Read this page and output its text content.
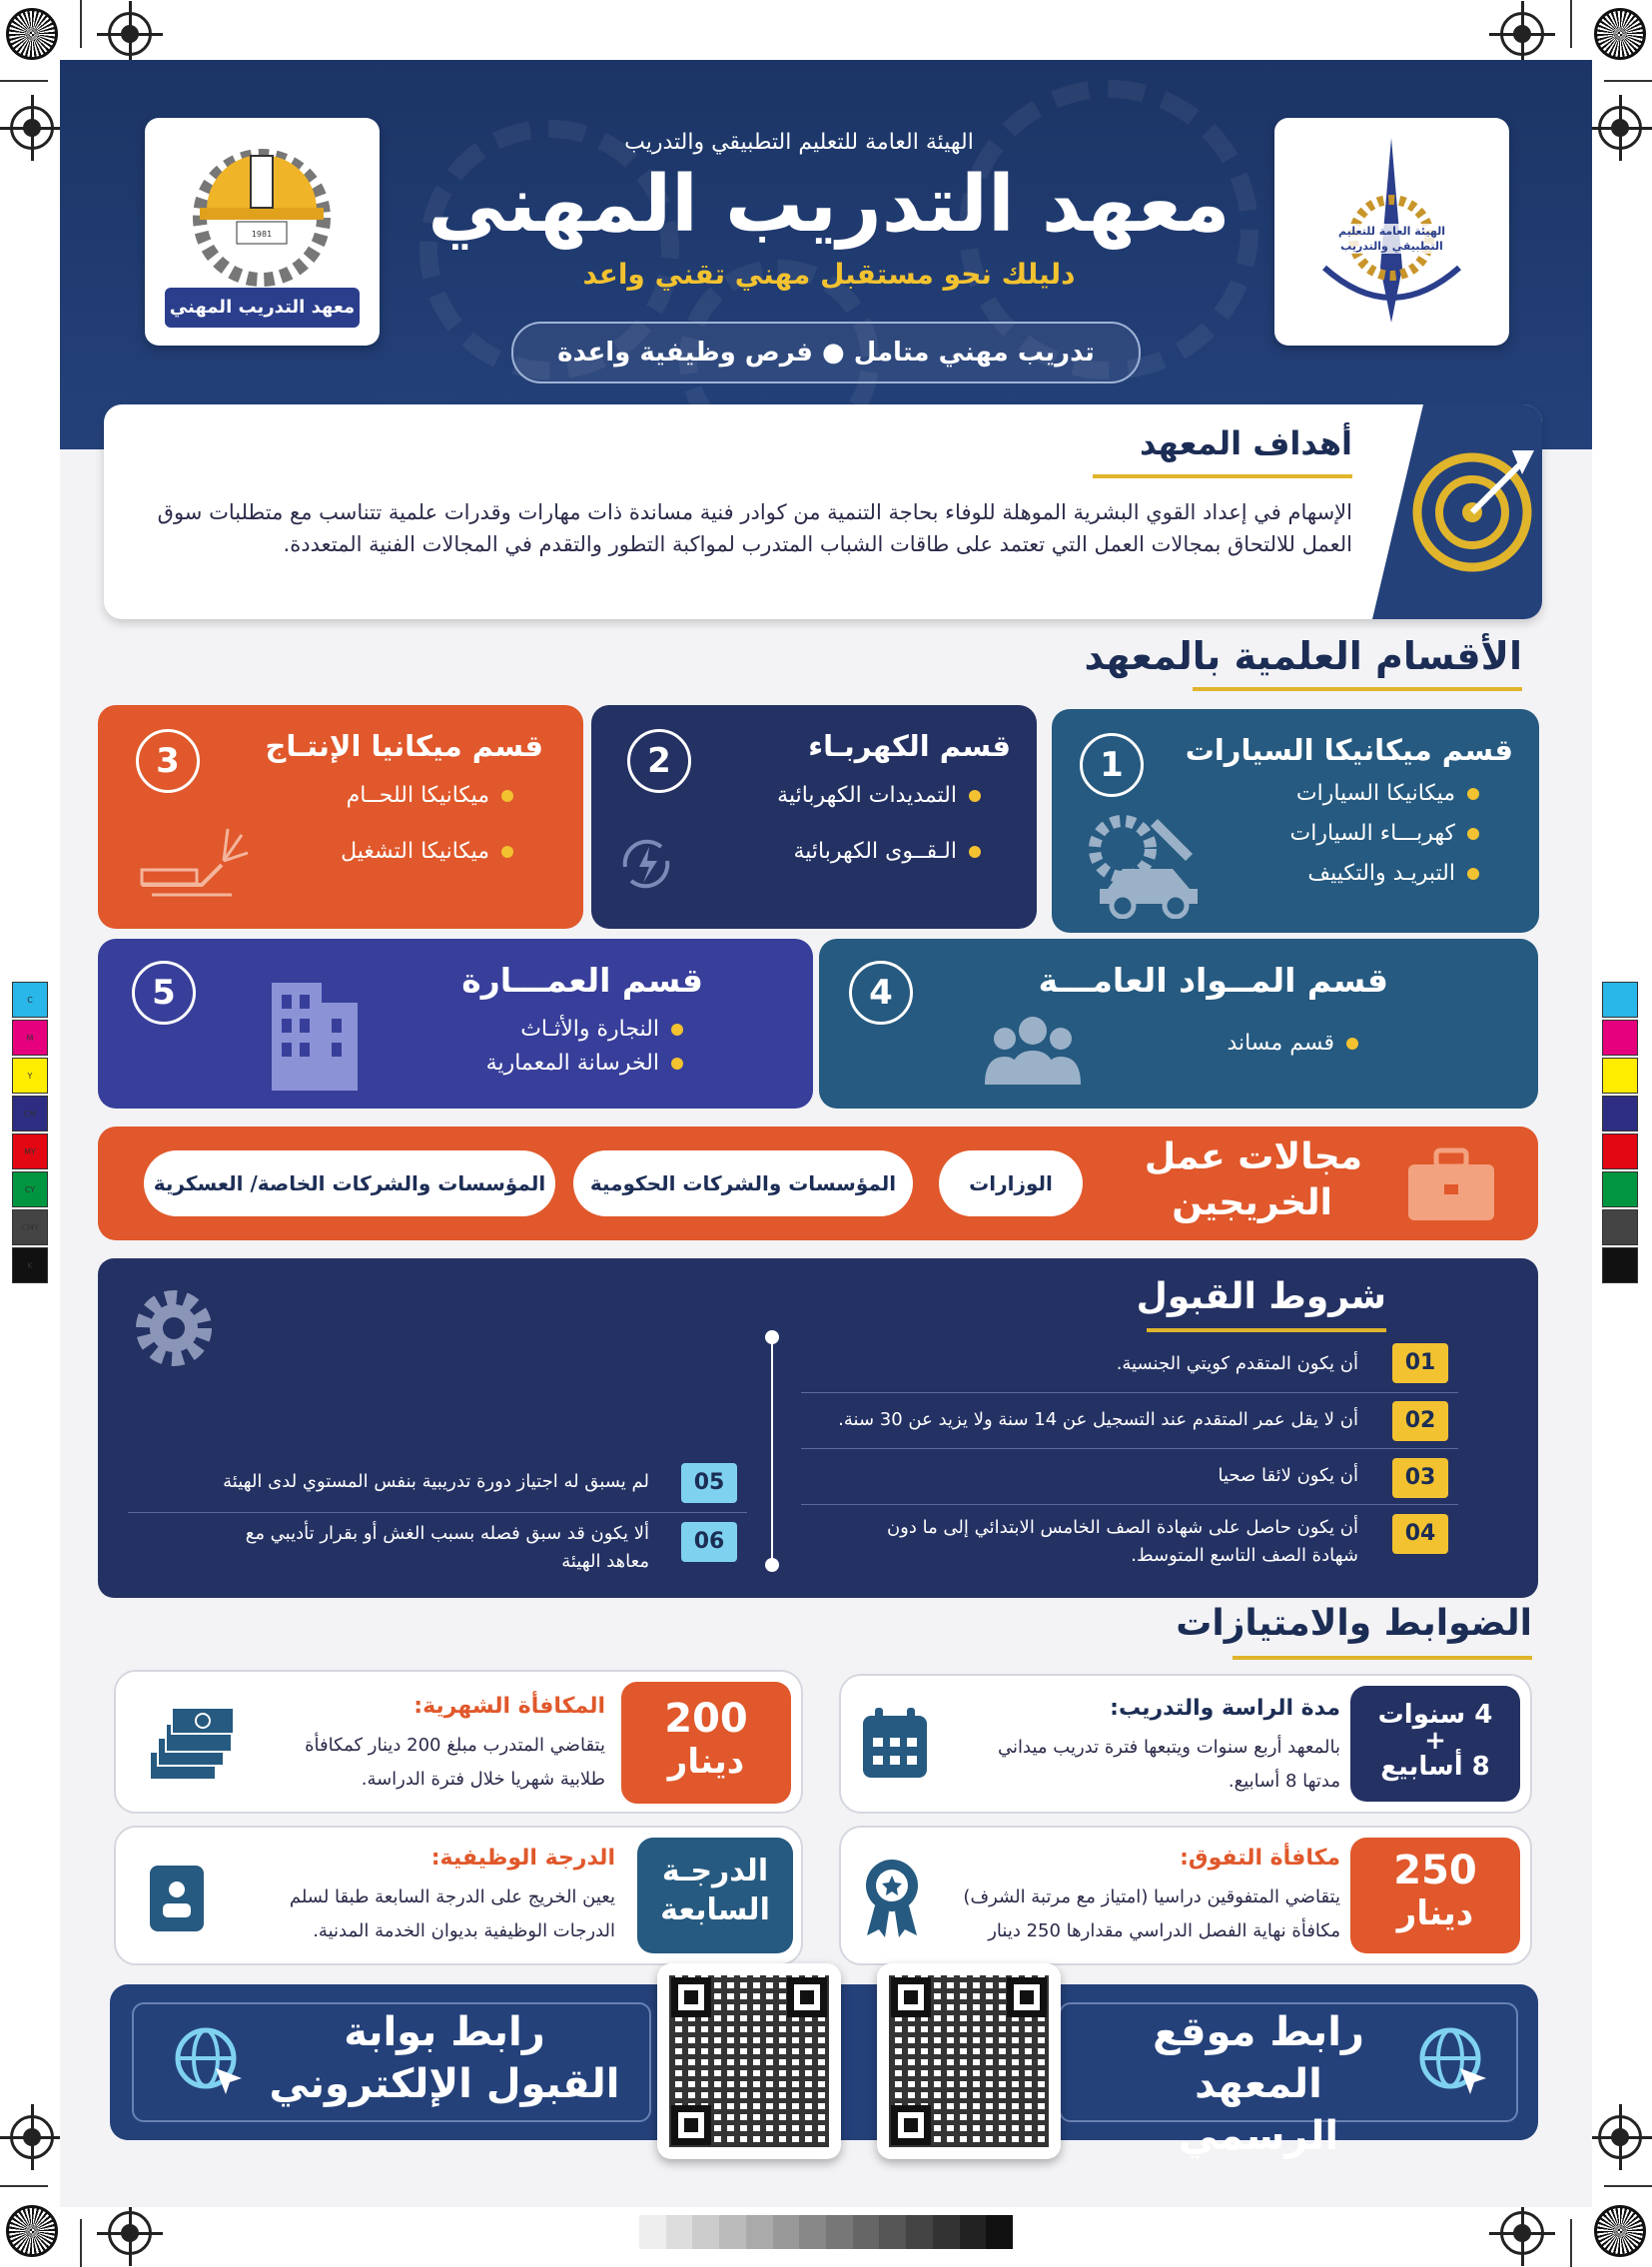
C
M
Y
CM
MY
CY
CMY
K
1981
معهد التدريب المهني
الهيئة العامة للتعليم التطبيقي والتدريب
الهيئة العامة للتعليم التطبيقي والتدريب
معهد التدريب المهني
دليلك نحو مستقبل مهني تقني واعد
تدريب مهني متامل ● فرص وظيفية واعدة
أهداف المعهد
الإسهام في إعداد القوي البشرية الموهلة للوفاء بحاجة التنمية من كوادر فنية مساندة ذات مهارات وقدرات علمية تتناسب مع متطلبات سوق العمل للالتحاق بمجالات العمل التي تعتمد على طاقات الشباب المتدرب لمواكبة التطور والتقدم في المجالات الفنية المتعددة.
الأقسام العلمية بالمعهد
1	قسم ميكانيكا السيارات
ميكانيكا السيارات
كهربـــاء السيارات
التبريـد والتكييف
2	قسم الكهربـاء
التمديدات الكهربائية
الـقــوى الكهربائية
3	قسم ميكانيا الإنتـاج
ميكانيكا اللحــام
ميكانيكا التشغيل
4	قسم المــواد العامـــة
قسم مساند
5	قسم العمـــارة
النجارة والأثـاث
الخرسانة المعمارية
مجالات عمل
الخريجين
الوزارات
المؤسسات والشركات الحكومية
المؤسسات والشركات الخاصة/ العسكرية
شروط القبول
01
أن يكون المتقدم كويتي الجنسية.
02
أن لا يقل عمر المتقدم عند التسجيل عن 14 سنة ولا يزيد عن 30 سنة.
03
أن يكون لائقا صحيا
04
أن يكون حاصل على شهادة الصف الخامس الابتدائي إلى ما دون
شهادة الصف التاسع المتوسط.
05
لم يسبق له اجتياز دورة تدريبية بنفس المستوي لدى الهيئة
06
ألا يكون قد سبق فصله بسبب الغش أو بقرار تأديبي مع
معاهد الهيئة
الضوابط والامتيازات
4 سنوات
+
8 أسابيع
مدة الراسة والتدريب:
بالمعهد أربع سنوات ويتبعها فترة تدريب ميداني
مدتها 8 أسابيع.
200
دينار
المكافأة الشهرية:
يتقاضي المتدرب مبلغ 200 دينار كمكافأة
طلابية شهريا خلال فترة الدراسة.
250
دينار
مكافأة التفوق:
يتقاضي المتفوقين دراسيا (امتياز مع مرتبة الشرف)
مكافأة نهاية الفصل الدراسي مقدارها 250 دينار
الدرجـة
السابعة
الدرجة الوظيفية:
يعين الخريج على الدرجة السابعة طبقا لسلم
الدرجات الوظيفية بديوان الخدمة المدنية.
رابط موقع
المعهد الرسمي
رابط بوابة
القبول الإلكتروني
